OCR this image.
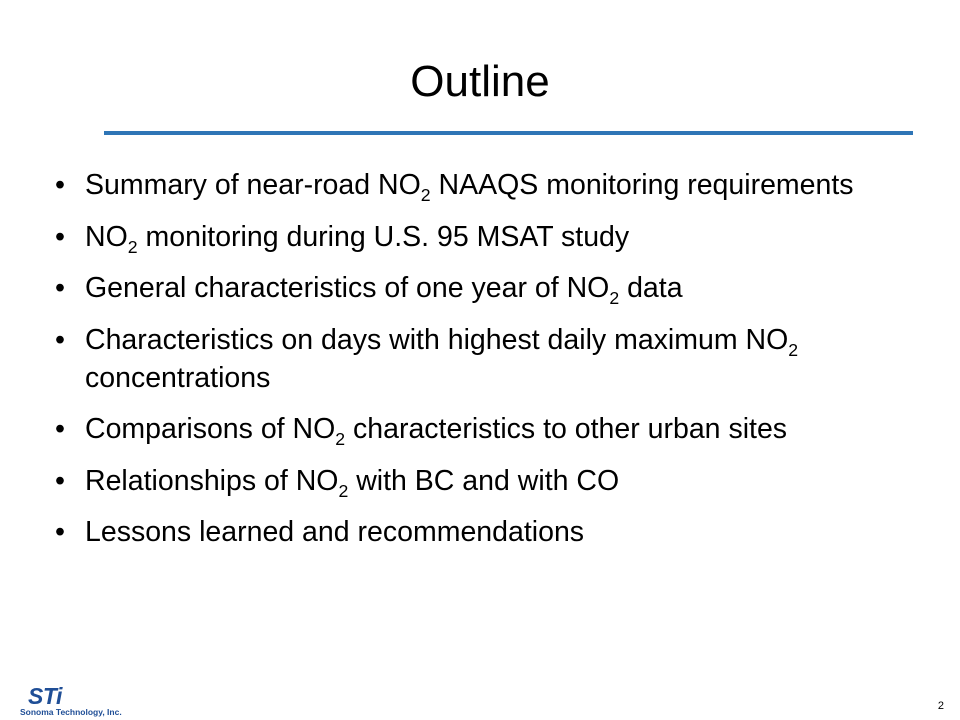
Outline
• Summary of near-road $NO_2$ NAAQS monitoring requirements
• $NO_2$ monitoring during U.S. 95 MSAT study
• General characteristics of one year of $NO_2$ data
• Characteristics on days with highest daily maximum $NO_2$ concentrations
• Comparisons of $NO_2$ characteristics to other urban sites
• Relationships of $NO_2$ with BC and with CO
• Lessons learned and recommendations
STi
Sonoma Technology, Inc.	2
